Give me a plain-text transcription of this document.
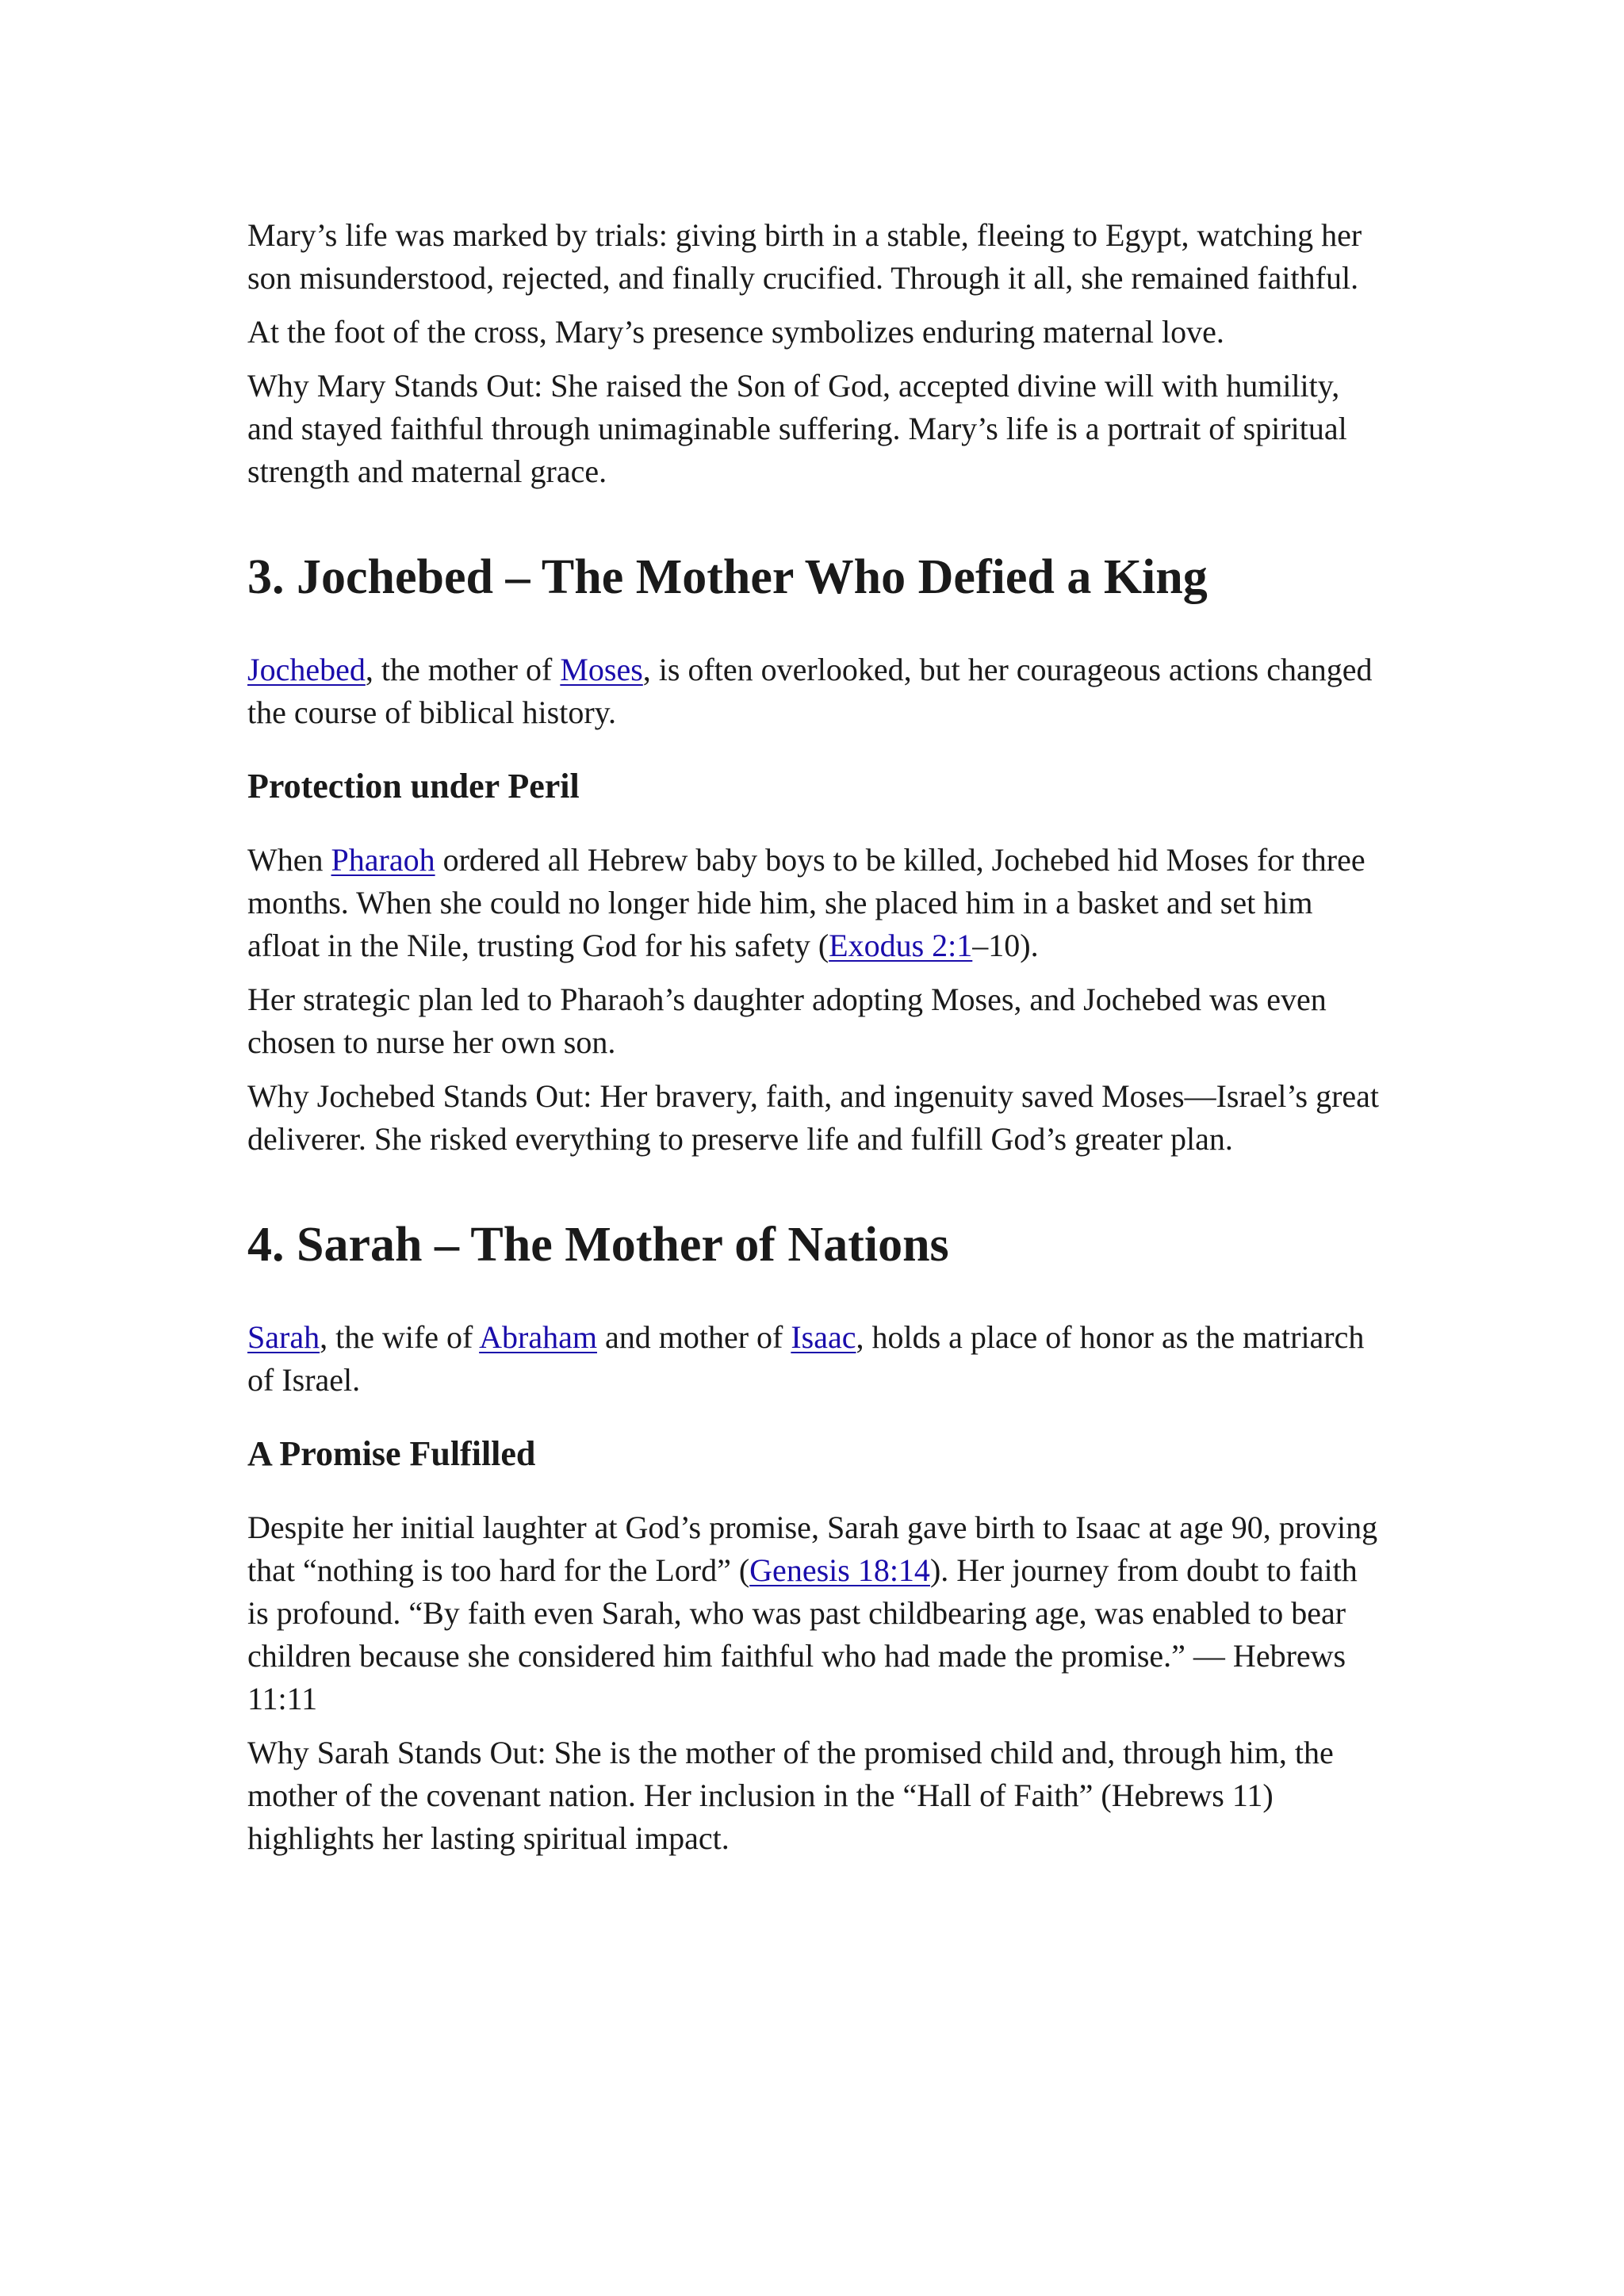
Mary’s life was marked by trials: giving birth in a stable, fleeing to Egypt, watching her son misunderstood, rejected, and finally crucified. Through it all, she remained faithful.

At the foot of the cross, Mary’s presence symbolizes enduring maternal love.

Why Mary Stands Out: She raised the Son of God, accepted divine will with humility, and stayed faithful through unimaginable suffering. Mary’s life is a portrait of spiritual strength and maternal grace.

3. Jochebed – The Mother Who Defied a King

Jochebed, the mother of Moses, is often overlooked, but her courageous actions changed the course of biblical history.

Protection under Peril

When Pharaoh ordered all Hebrew baby boys to be killed, Jochebed hid Moses for three months. When she could no longer hide him, she placed him in a basket and set him afloat in the Nile, trusting God for his safety (Exodus 2:1–10).

Her strategic plan led to Pharaoh’s daughter adopting Moses, and Jochebed was even chosen to nurse her own son.

Why Jochebed Stands Out: Her bravery, faith, and ingenuity saved Moses—Israel’s great deliverer. She risked everything to preserve life and fulfill God’s greater plan.

4. Sarah – The Mother of Nations

Sarah, the wife of Abraham and mother of Isaac, holds a place of honor as the matriarch of Israel.

A Promise Fulfilled

Despite her initial laughter at God’s promise, Sarah gave birth to Isaac at age 90, proving that “nothing is too hard for the Lord” (Genesis 18:14). Her journey from doubt to faith is profound. “By faith even Sarah, who was past childbearing age, was enabled to bear children because she considered him faithful who had made the promise.” — Hebrews 11:11

Why Sarah Stands Out: She is the mother of the promised child and, through him, the mother of the covenant nation. Her inclusion in the “Hall of Faith” (Hebrews 11) highlights her lasting spiritual impact.
